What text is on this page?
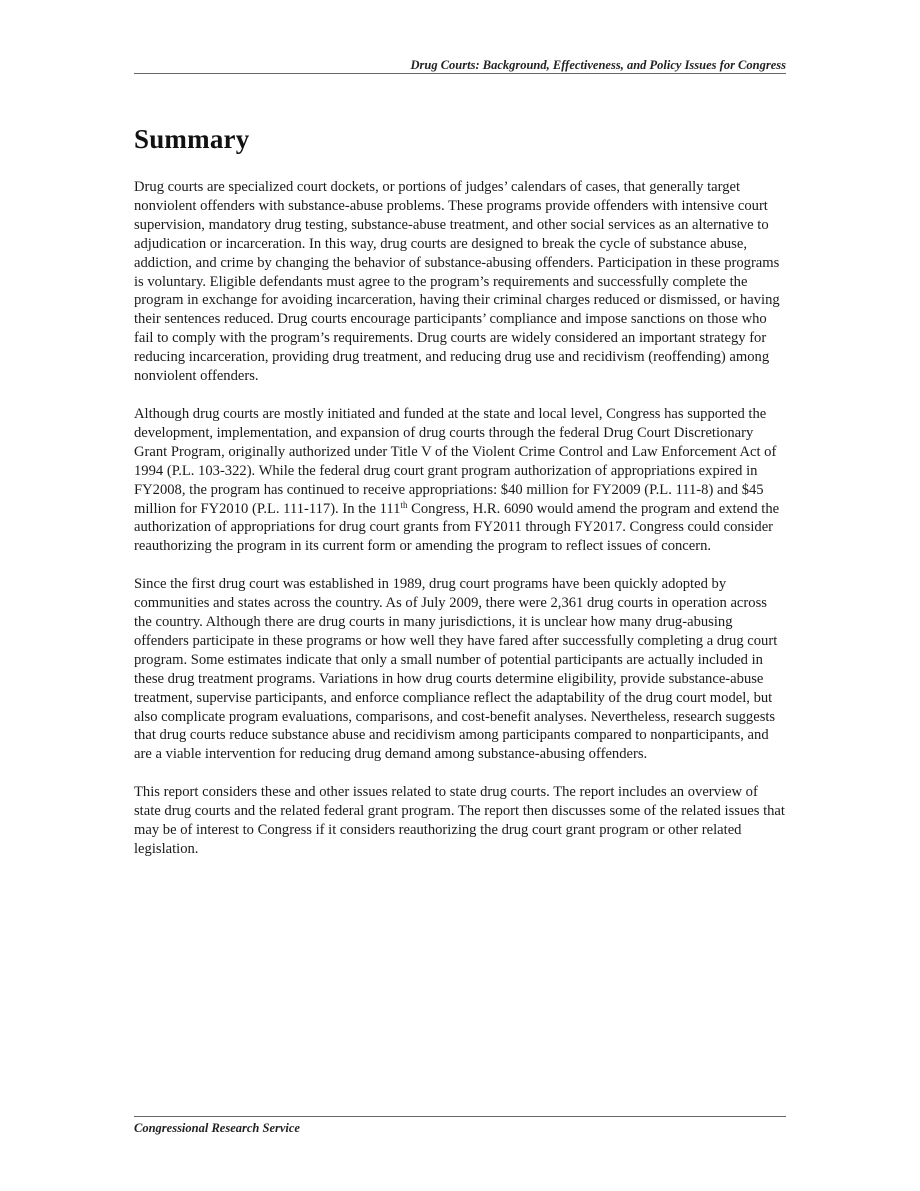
Drug Courts: Background, Effectiveness, and Policy Issues for Congress
Summary

Drug courts are specialized court dockets, or portions of judges’ calendars of cases, that generally target nonviolent offenders with substance-abuse problems. These programs provide offenders with intensive court supervision, mandatory drug testing, substance-abuse treatment, and other social services as an alternative to adjudication or incarceration. In this way, drug courts are designed to break the cycle of substance abuse, addiction, and crime by changing the behavior of substance-abusing offenders. Participation in these programs is voluntary. Eligible defendants must agree to the program’s requirements and successfully complete the program in exchange for avoiding incarceration, having their criminal charges reduced or dismissed, or having their sentences reduced. Drug courts encourage participants’ compliance and impose sanctions on those who fail to comply with the program’s requirements. Drug courts are widely considered an important strategy for reducing incarceration, providing drug treatment, and reducing drug use and recidivism (reoffending) among nonviolent offenders.

Although drug courts are mostly initiated and funded at the state and local level, Congress has supported the development, implementation, and expansion of drug courts through the federal Drug Court Discretionary Grant Program, originally authorized under Title V of the Violent Crime Control and Law Enforcement Act of 1994 (P.L. 103-322). While the federal drug court grant program authorization of appropriations expired in FY2008, the program has continued to receive appropriations: $40 million for FY2009 (P.L. 111-8) and $45 million for FY2010 (P.L. 111-117). In the 111th Congress, H.R. 6090 would amend the program and extend the authorization of appropriations for drug court grants from FY2011 through FY2017. Congress could consider reauthorizing the program in its current form or amending the program to reflect issues of concern.

Since the first drug court was established in 1989, drug court programs have been quickly adopted by communities and states across the country. As of July 2009, there were 2,361 drug courts in operation across the country. Although there are drug courts in many jurisdictions, it is unclear how many drug-abusing offenders participate in these programs or how well they have fared after successfully completing a drug court program. Some estimates indicate that only a small number of potential participants are actually included in these drug treatment programs. Variations in how drug courts determine eligibility, provide substance-abuse treatment, supervise participants, and enforce compliance reflect the adaptability of the drug court model, but also complicate program evaluations, comparisons, and cost-benefit analyses. Nevertheless, research suggests that drug courts reduce substance abuse and recidivism among participants compared to nonparticipants, and are a viable intervention for reducing drug demand among substance-abusing offenders.

This report considers these and other issues related to state drug courts. The report includes an overview of state drug courts and the related federal grant program. The report then discusses some of the related issues that may be of interest to Congress if it considers reauthorizing the drug court grant program or other related legislation.

Congressional Research Service
